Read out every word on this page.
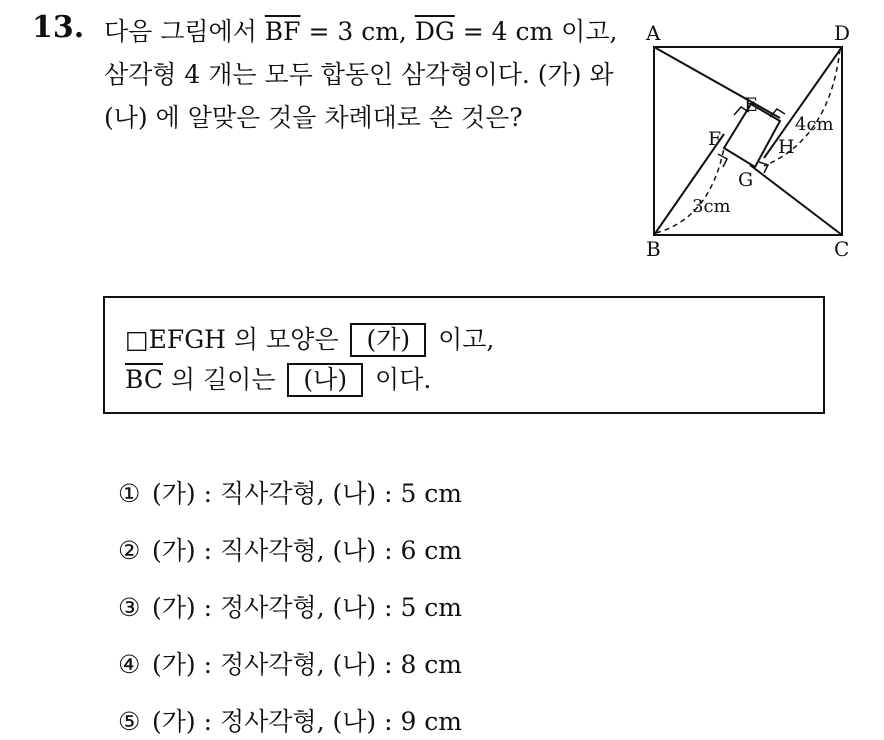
13. 다음 그림에서 $\overline{BF} = 3$ cm, $\overline{DG} = 4$ cm 이고,
삼각형 4 개는 모두 합동인 삼각형이다. (가) 와
(나) 에 알맞은 것을 차례대로 쓴 것은?
A	D
B	C
E
F
G
H
3cm
4cm
□EFGH 의 모양은 (가) 이고,
$\overline{BC}$ 의 길이는 (나) 이다.
① (가) : 직사각형, (나) : 5 cm
② (가) : 직사각형, (나) : 6 cm
③ (가) : 정사각형, (나) : 5 cm
④ (가) : 정사각형, (나) : 8 cm
⑤ (가) : 정사각형, (나) : 9 cm
